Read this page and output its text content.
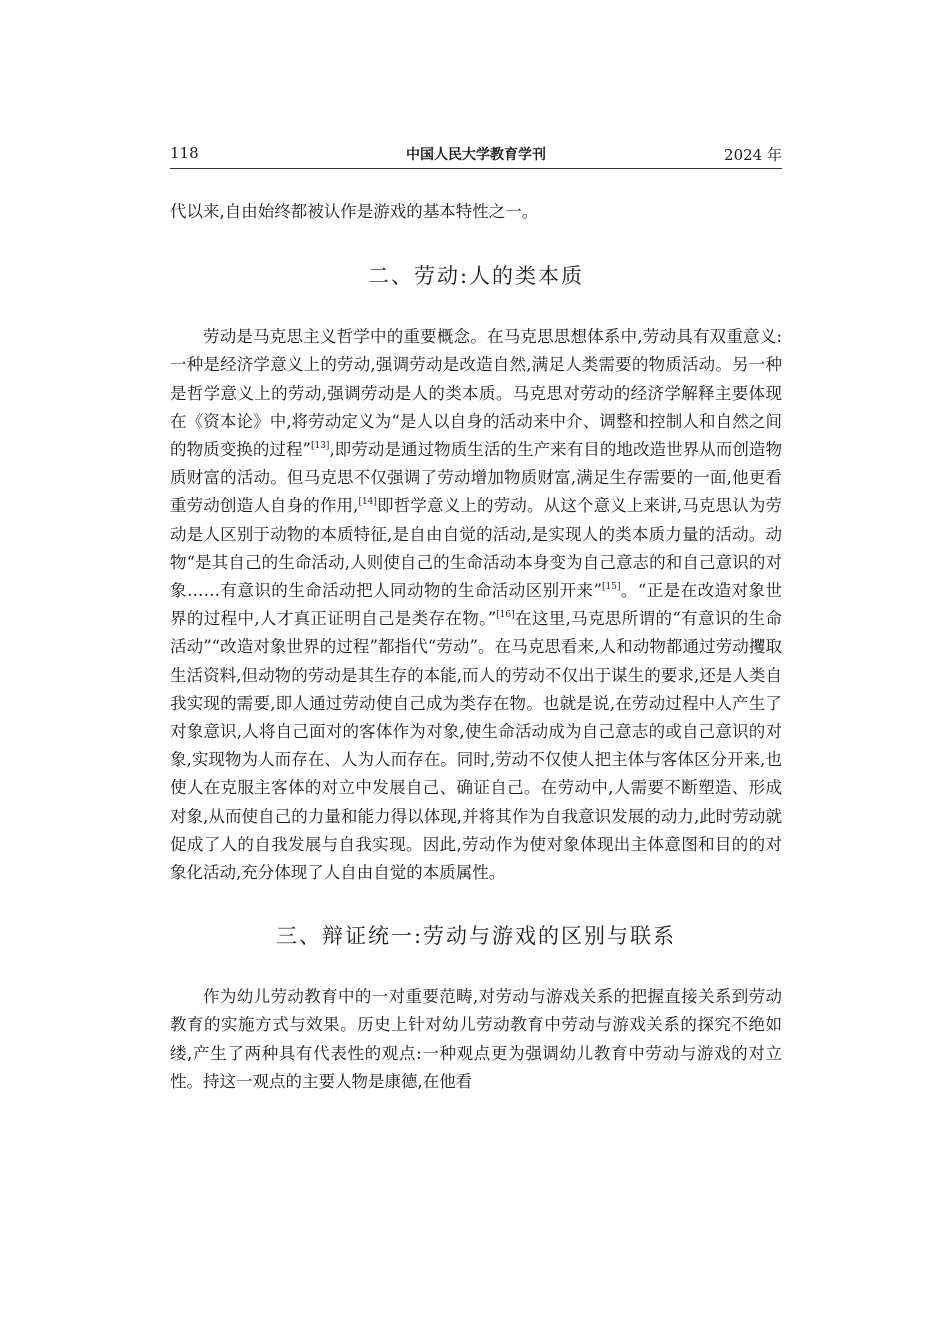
118	中国人民大学教育学刊	2024 年

代以来,自由始终都被认作是游戏的基本特性之一。

二、劳动:人的类本质

劳动是马克思主义哲学中的重要概念。在马克思思想体系中,劳动具有双重意义:一种是经济学意义上的劳动,强调劳动是改造自然,满足人类需要的物质活动。另一种是哲学意义上的劳动,强调劳动是人的类本质。马克思对劳动的经济学解释主要体现在《资本论》中,将劳动定义为“是人以自身的活动来中介、调整和控制人和自然之间的物质变换的过程”[13],即劳动是通过物质生活的生产来有目的地改造世界从而创造物质财富的活动。但马克思不仅强调了劳动增加物质财富,满足生存需要的一面,他更看重劳动创造人自身的作用,[14]即哲学意义上的劳动。从这个意义上来讲,马克思认为劳动是人区别于动物的本质特征,是自由自觉的活动,是实现人的类本质力量的活动。动物“是其自己的生命活动,人则使自己的生命活动本身变为自己意志的和自己意识的对象……有意识的生命活动把人同动物的生命活动区别开来”[15]。“正是在改造对象世界的过程中,人才真正证明自己是类存在物。”[16]在这里,马克思所谓的“有意识的生命活动”“改造对象世界的过程”都指代“劳动”。在马克思看来,人和动物都通过劳动攫取生活资料,但动物的劳动是其生存的本能,而人的劳动不仅出于谋生的要求,还是人类自我实现的需要,即人通过劳动使自己成为类存在物。也就是说,在劳动过程中人产生了对象意识,人将自己面对的客体作为对象,使生命活动成为自己意志的或自己意识的对象,实现物为人而存在、人为人而存在。同时,劳动不仅使人把主体与客体区分开来,也使人在克服主客体的对立中发展自己、确证自己。在劳动中,人需要不断塑造、形成对象,从而使自己的力量和能力得以体现,并将其作为自我意识发展的动力,此时劳动就促成了人的自我发展与自我实现。因此,劳动作为使对象体现出主体意图和目的的对象化活动,充分体现了人自由自觉的本质属性。

三、辩证统一:劳动与游戏的区别与联系

作为幼儿劳动教育中的一对重要范畴,对劳动与游戏关系的把握直接关系到劳动教育的实施方式与效果。历史上针对幼儿劳动教育中劳动与游戏关系的探究不绝如缕,产生了两种具有代表性的观点:一种观点更为强调幼儿教育中劳动与游戏的对立性。持这一观点的主要人物是康德,在他看
